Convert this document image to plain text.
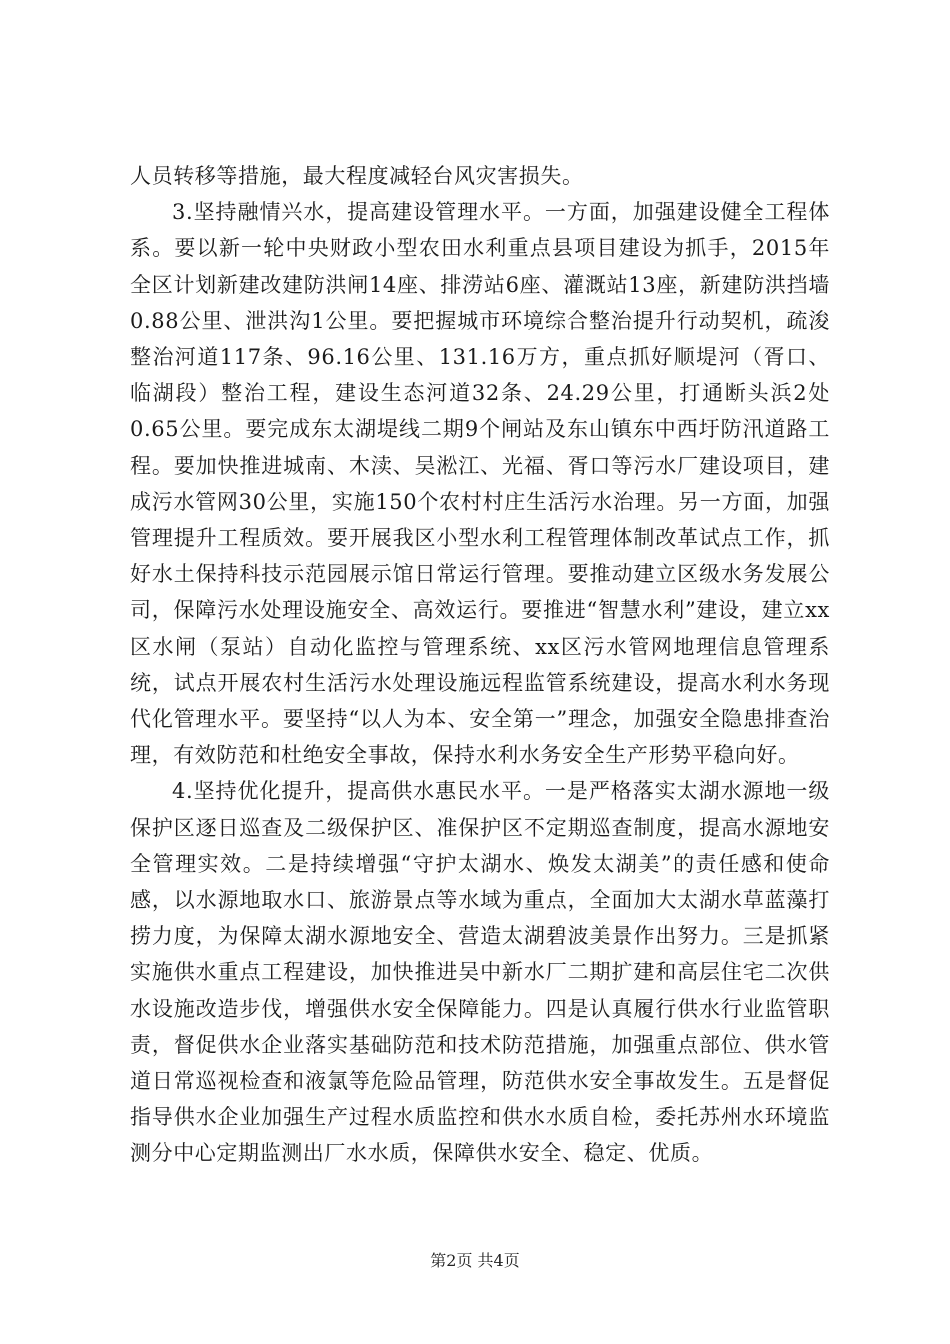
人员转移等措施，最大程度减轻台风灾害损失。

3.坚持融情兴水，提高建设管理水平。一方面，加强建设健全工程体系。要以新一轮中央财政小型农田水利重点县项目建设为抓手，2015年全区计划新建改建防洪闸14座、排涝站6座、灌溉站13座，新建防洪挡墙0.88公里、泄洪沟1公里。要把握城市环境综合整治提升行动契机，疏浚整治河道117条、96.16公里、131.16万方，重点抓好顺堤河（胥口、临湖段）整治工程，建设生态河道32条、24.29公里，打通断头浜2处0.65公里。要完成东太湖堤线二期9个闸站及东山镇东中西圩防汛道路工程。要加快推进城南、木渎、吴淞江、光福、胥口等污水厂建设项目，建成污水管网30公里，实施150个农村村庄生活污水治理。另一方面，加强管理提升工程质效。要开展我区小型水利工程管理体制改革试点工作，抓好水土保持科技示范园展示馆日常运行管理。要推动建立区级水务发展公司，保障污水处理设施安全、高效运行。要推进“智慧水利”建设，建立xx区水闸（泵站）自动化监控与管理系统、xx区污水管网地理信息管理系统，试点开展农村生活污水处理设施远程监管系统建设，提高水利水务现代化管理水平。要坚持“以人为本、安全第一”理念，加强安全隐患排查治理，有效防范和杜绝安全事故，保持水利水务安全生产形势平稳向好。

4.坚持优化提升，提高供水惠民水平。一是严格落实太湖水源地一级保护区逐日巡查及二级保护区、准保护区不定期巡查制度，提高水源地安全管理实效。二是持续增强“守护太湖水、焕发太湖美”的责任感和使命感，以水源地取水口、旅游景点等水域为重点，全面加大太湖水草蓝藻打捞力度，为保障太湖水源地安全、营造太湖碧波美景作出努力。三是抓紧实施供水重点工程建设，加快推进吴中新水厂二期扩建和高层住宅二次供水设施改造步伐，增强供水安全保障能力。四是认真履行供水行业监管职责，督促供水企业落实基础防范和技术防范措施，加强重点部位、供水管道日常巡视检查和液氯等危险品管理，防范供水安全事故发生。五是督促指导供水企业加强生产过程水质监控和供水水质自检，委托苏州水环境监测分中心定期监测出厂水水质，保障供水安全、稳定、优质。

第2页 共4页
